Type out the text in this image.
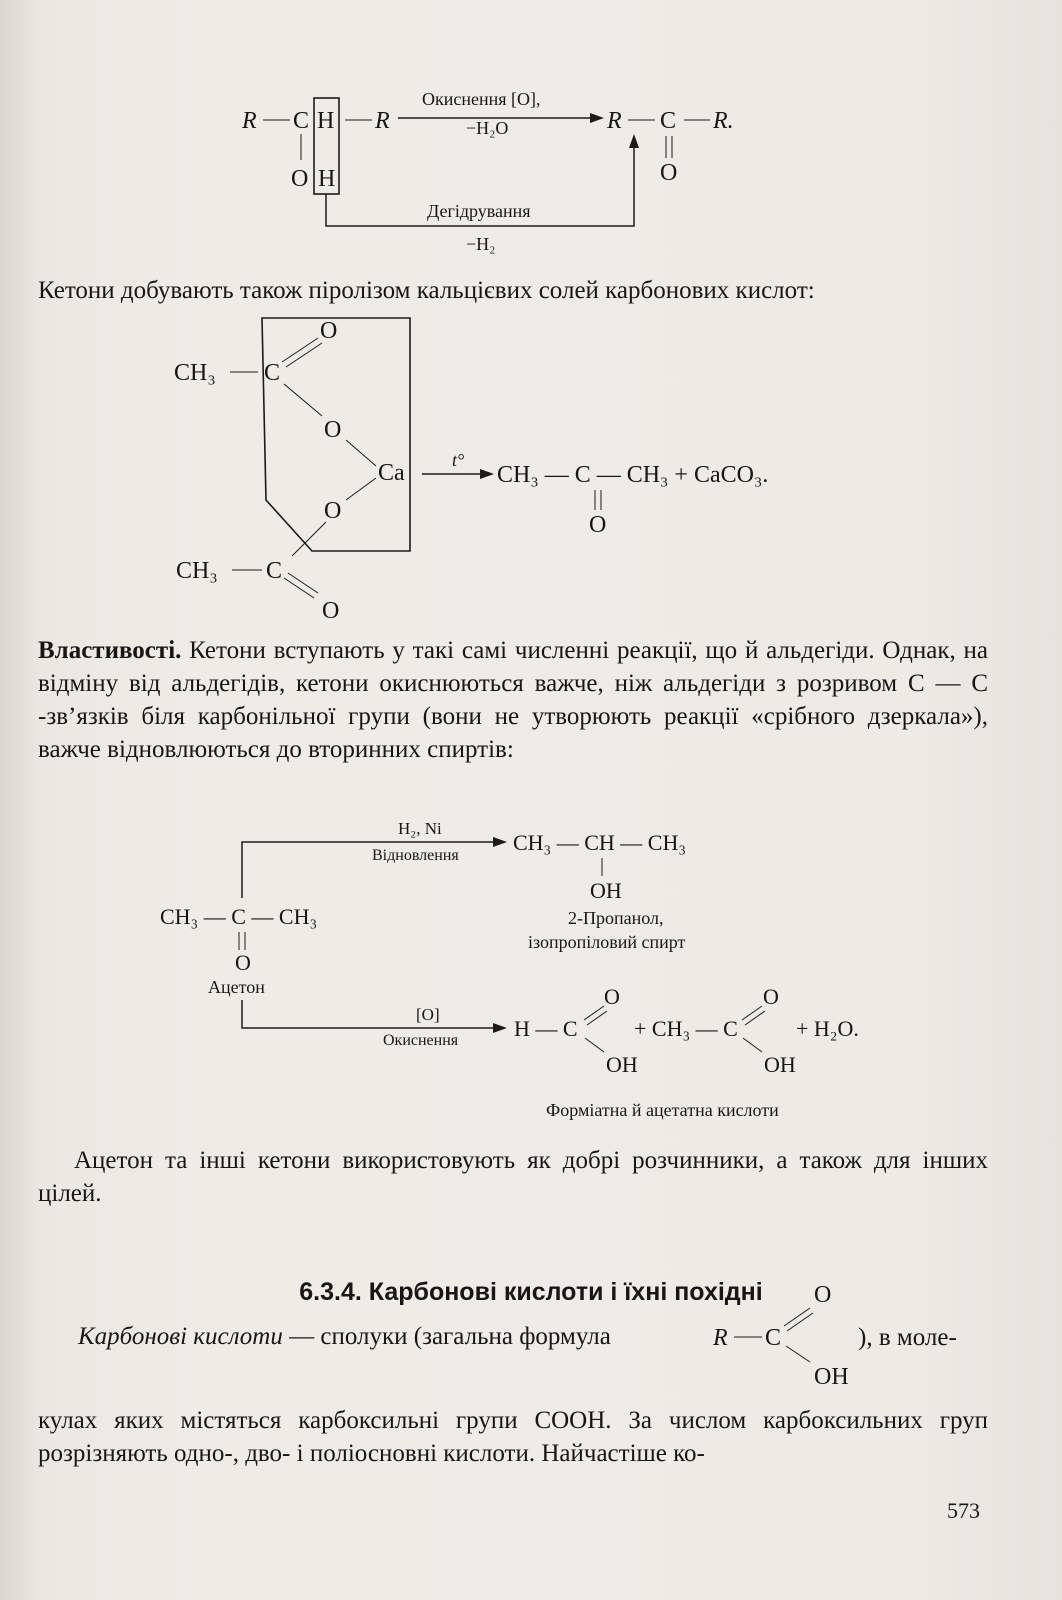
R C H R
O H
Окиснення [O],
−H₂O	R C R.
O
Дегідрування
−H₂

Кетони добувають також піролізом кальцієвих солей карбонових кислот:

CH₃ C
O
O
Ca
O
CH₃ C
O
t°
CH₃ — C — CH₃ + CaCO₃.
O

Властивості. Кетони вступають у такі самі численні реакції, що й альдегіди. Однак, на відміну від альдегідів, кетони окиснюються важче, ніж альдегіди з розривом C — C -зв’язків біля карбонільної групи (вони не утворюють реакції «срібного дзеркала»), важче відновлюються до вторинних спиртів:

H₂, Ni
Відновлення
CH₃ — CH — CH₃
OH
2-Пропанол,
ізопропіловий спирт
CH₃ — C — CH₃
O
Ацетон
[O]
Окиснення	H — C
O
OH
+ CH₃ — C
O
OH
+ H₂O.
Форміатна й ацетатна кислоти

Ацетон та інші кетони використовують як добрі розчинники, а також для інших цілей.

6.3.4. Карбонові кислоти і їхні похідні
Карбонові кислоти — сполуки (загальна формула	R C
O
OH
), в моле-

кулах яких містяться карбоксильні групи СООН. За числом карбоксильних груп розрізняють одно-, дво- і поліосновні кислоти. Найчастіше ко-

573
